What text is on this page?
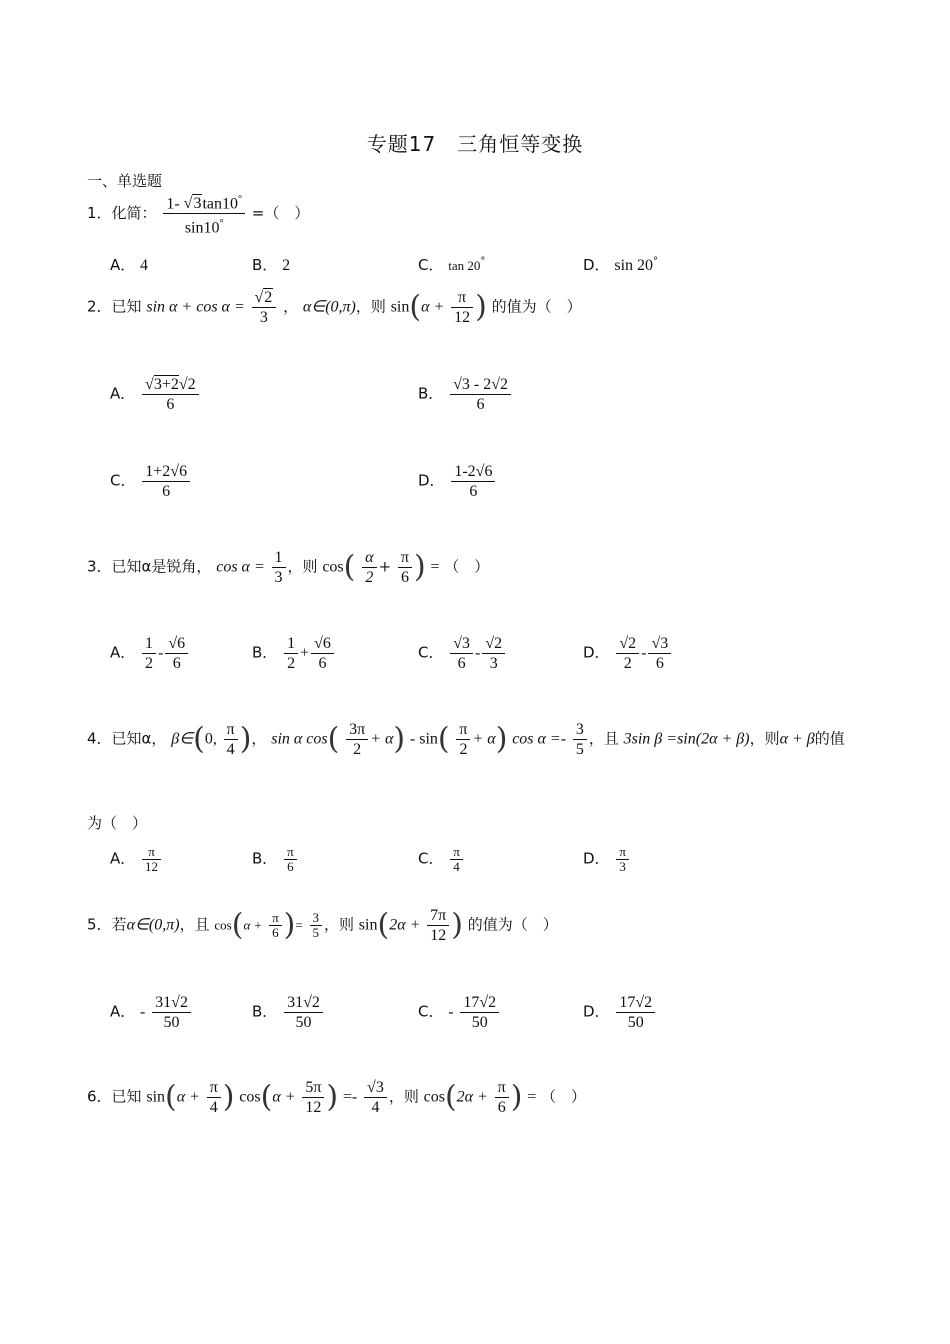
专题17　三角恒等变换
一、单选题
1．化简： $\frac{1- √3\tan 10^\circ}{\sin 10^\circ}$ =（　）
A． 4	B． 2	C． tan 20°	D． sin 20°
2．已知 $\sin \alpha + \cos \alpha = \frac{√2}{3}$ ， α∈(0,π)，则 $\sin(\alpha + \frac{\pi}{12}$ ) 的值为（　）
A． $\frac{√3+2√2}{6}$	B． $\frac{√3 - 2√2}{6}$
C． $\frac{1+2√6}{6}$	D． $\frac{1-2√6}{6}$
3．已知α是锐角， $\cos \alpha = \frac{1}{3}$ ，则 $\cos( \frac{\alpha}{2} + \frac{\pi}{6}$ ) = （　）
A． $\frac{1}{2} - \frac{√6}{6}$	B． $\frac{1}{2} + \frac{√6}{6}$	C． $\frac{√3}{6} - \frac{√2}{3}$	D． $\frac{√2}{2} - \frac{√3}{6}$
4．已知α， β∈(0, $\frac{\pi}{4}$ )， sin α $\cos( \frac{3\pi}{2} + \alpha) - \sin( \frac{\pi}{2} + \alpha)$ $\cos \alpha =- \frac{3}{5}$ ，且 3sin β =sin(2α + β)，则α + β的值
为（　）
A． $\frac{\pi}{12}$	B． $\frac{\pi}{6}$	C． $\frac{\pi}{4}$	D． $\frac{\pi}{3}$
5．若α∈(0,π)，且 $\cos(\alpha + \frac{\pi}{6}$ )= $\frac{3}{5}$ ，则 $\sin(2\alpha + \frac{7\pi}{12}$ ) 的值为（　）
A． - $\frac{31√2}{50}$	B． $\frac{31√2}{50}$	C． - $\frac{17√2}{50}$	D． $\frac{17√2}{50}$
6．已知 $\sin(\alpha + \frac{\pi}{4}$ ) $\cos(\alpha + \frac{5\pi}{12}$ ) =- $\frac{√3}{4}$ ，则 $\cos(2\alpha + \frac{\pi}{6}$ ) = （　）
